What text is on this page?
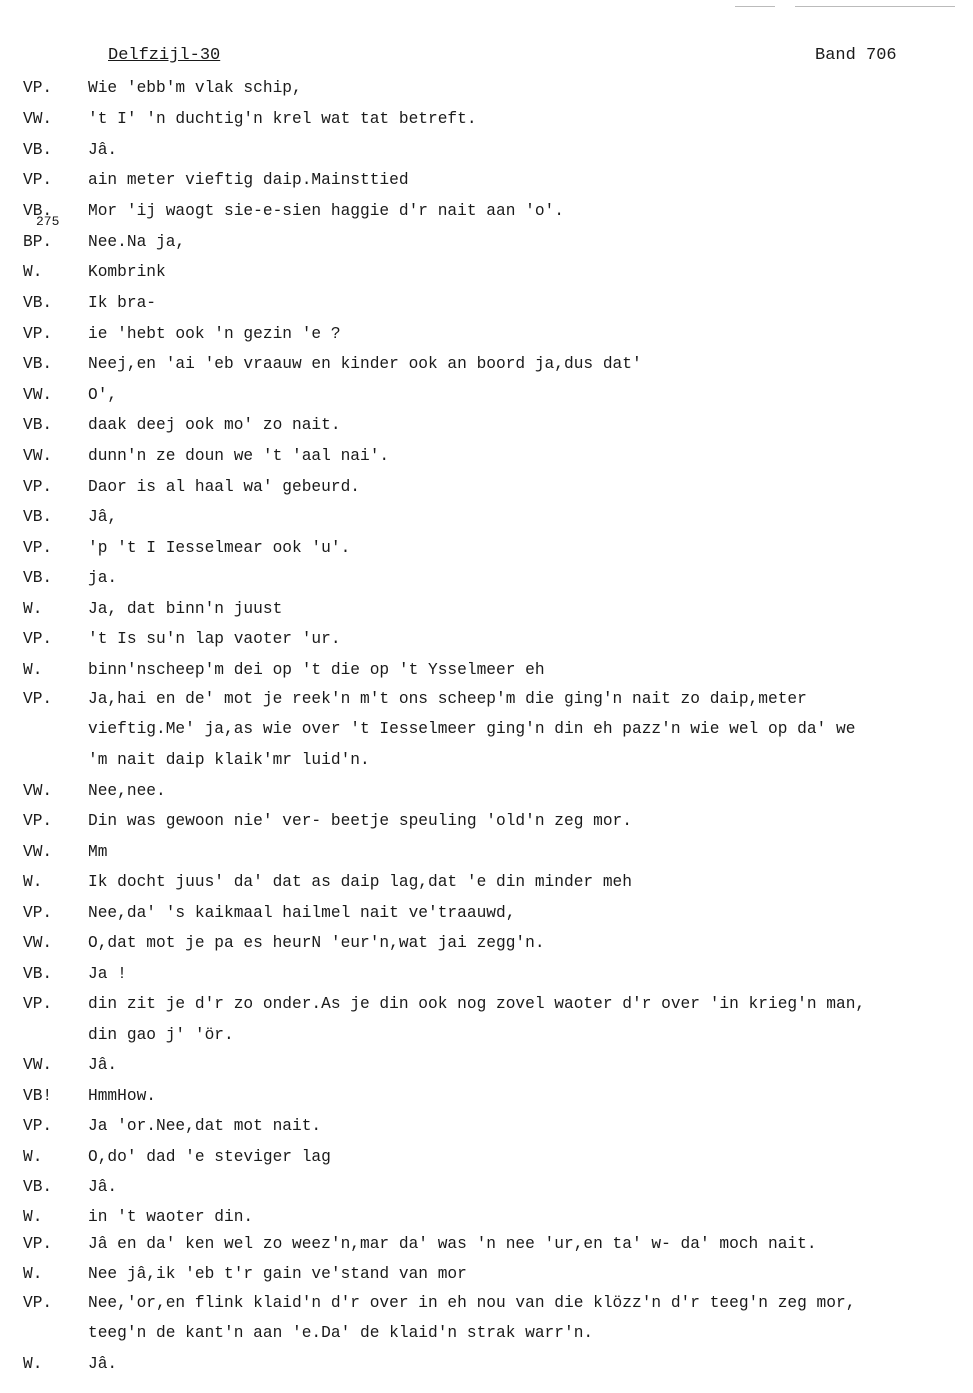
Delfzijl-30	Band 706
275
VP. Wie 'ebb'm vlak schip,
VW. 't I' 'n duchtig'n krel wat tat betreft.
VB. Jâ.
VP. ain meter vieftig daip.Mainsttied
VB. Mor 'ij waogt sie-e-sien haggie d'r nait aan 'o'.
BP. Nee.Na ja,
W.	Kombrink
VB. Ik bra-
VP. ie 'hebt ook 'n gezin 'e ?
VB. Neej,en 'ai 'eb vraauw en kinder ook an boord ja,dus dat'
VW. O',
VB. daak deej ook mo' zo nait.
VW. dunn'n ze doun we 't 'aal nai'.
VP. Daor is al haal wa' gebeurd.
VB. Jâ,
VP. 'p 't I Iesselmear ook 'u'.
VB. ja.
W.	Ja, dat binn'n juust
VP. 't Is su'n lap vaoter 'ur.
W.	binn'nscheep'm dei op 't die op 't Ysselmeer eh
VP. Ja,hai en de' mot je reek'n m't ons scheep'm die ging'n nait zo daip,meter
vieftig.Me' ja,as wie over 't Iesselmeer ging'n din eh pazz'n wie wel op da' we
'm nait daip klaik'mr luid'n.
VW. Nee,nee.
VP. Din was gewoon nie' ver- beetje speuling 'old'n zeg mor.
VW. Mm
W.	Ik docht juus' da' dat as daip lag,dat 'e din minder meh
VP. Nee,da' 's kaikmaal hailmel nait ve'traauwd,
VW. O,dat mot je pa es heurN 'eur'n,wat jai zegg'n.
VB. Ja !
VP. din zit je d'r zo onder.As je din ook nog zovel waoter d'r over 'in krieg'n man,
din gao j' 'ör.
VW. Jâ.
VB! HmmHow.
VP. Ja 'or.Nee,dat mot nait.
W.	O,do' dad 'e steviger lag
VB. Jâ.
W.	in 't waoter din.
VP. Jâ en da' ken wel zo weez'n,mar da' was 'n nee 'ur,en ta' w- da' moch nait.
W.	Nee jâ,ik 'eb t'r gain ve'stand van mor
VP. Nee,'or,en flink klaid'n d'r over in eh nou van die klözz'n d'r teeg'n zeg mor,
teeg'n de kant'n aan 'e.Da' de klaid'n strak warr'n.
W.	Jâ.
